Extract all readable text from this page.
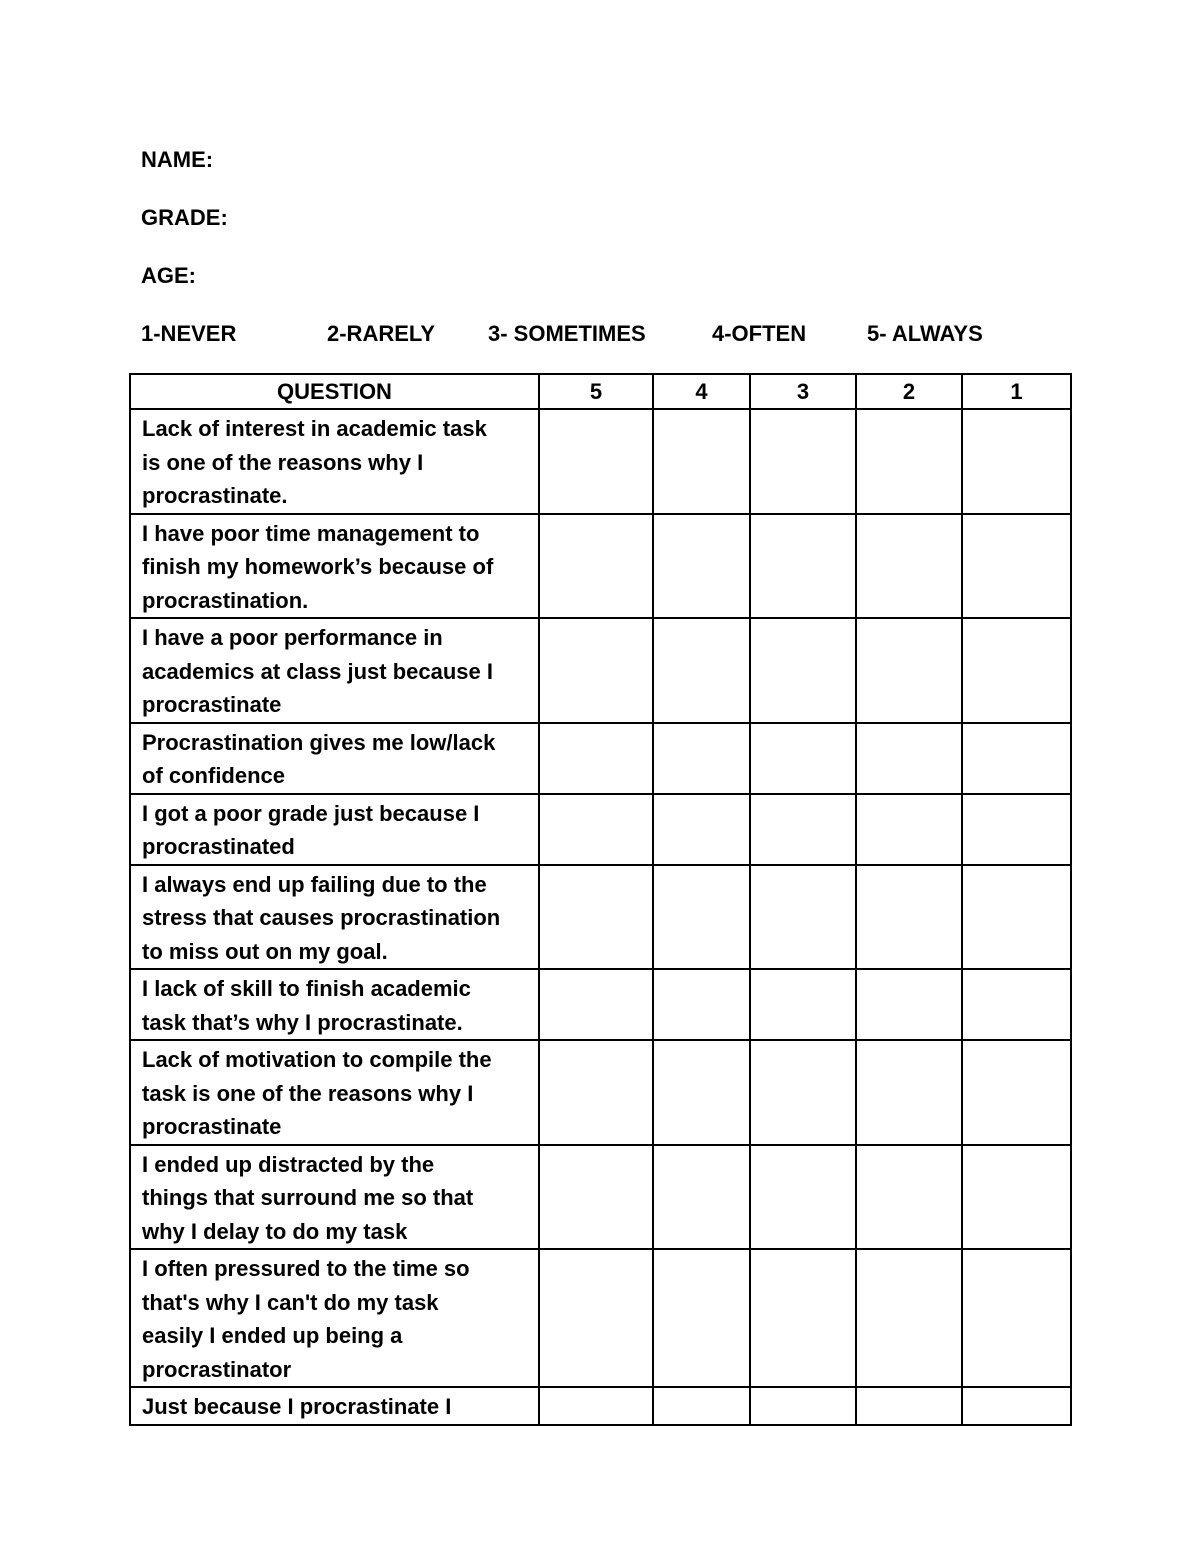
NAME:
GRADE:
AGE:
1-NEVER	2-RARELY 3- SOMETIMES	4-OFTEN	5- ALWAYS
QUESTION	5	4	3	2	1

Lack of interest in academic task
is one of the reasons why I
procrastinate.					

I have poor time management to
finish my homework’s because of
procrastination.					

I have a poor performance in
academics at class just because I
procrastinate					

Procrastination gives me low/lack
of confidence					

I got a poor grade just because I
procrastinated					

I always end up failing due to the
stress that causes procrastination
to miss out on my goal.					

I lack of skill to finish academic
task that’s why I procrastinate.					

Lack of motivation to compile the
task is one of the reasons why I
procrastinate					

I ended up distracted by the
things that surround me so that
why I delay to do my task					

I often pressured to the time so
that's why I can't do my task
easily I ended up being a
procrastinator					

Just because I procrastinate I					
